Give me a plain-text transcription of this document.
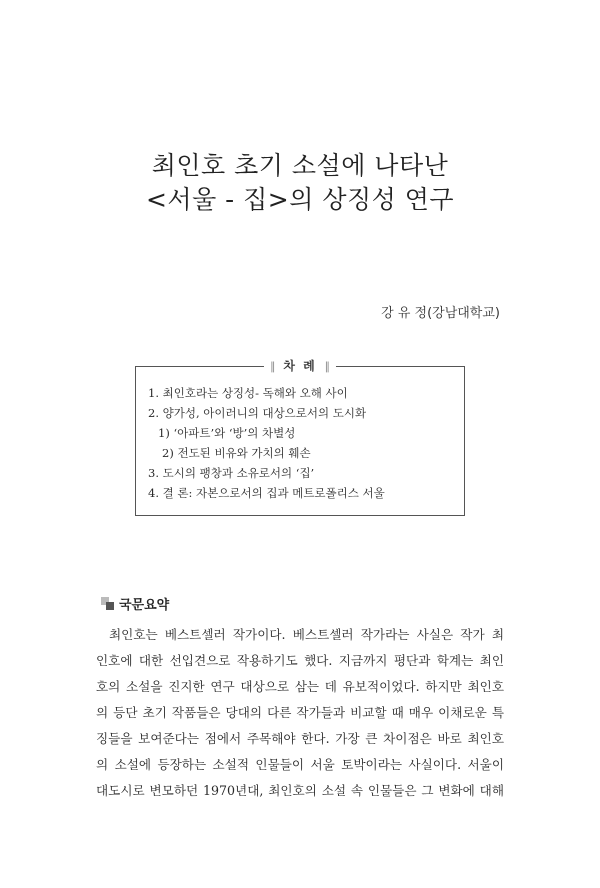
최인호 초기 소설에 나타난
<서울 - 집>의 상징성 연구
강 유 정(강남대학교)
∥ 차 례 ∥
1. 최인호라는 상징성- 독해와 오해 사이
2. 양가성, 아이러니의 대상으로서의 도시화
1) ‘아파트’와 ‘방’의 차별성
2) 전도된 비유와 가치의 훼손
3. 도시의 팽창과 소유로서의 ‘집’
4. 결 론: 자본으로서의 집과 메트로폴리스 서울
국문요약
최인호는 베스트셀러 작가이다. 베스트셀러 작가라는 사실은 작가 최
인호에 대한 선입견으로 작용하기도 했다. 지금까지 평단과 학계는 최인
호의 소설을 진지한 연구 대상으로 삼는 데 유보적이었다. 하지만 최인호
의 등단 초기 작품들은 당대의 다른 작가들과 비교할 때 매우 이채로운 특
징들을 보여준다는 점에서 주목해야 한다. 가장 큰 차이점은 바로 최인호
의 소설에 등장하는 소설적 인물들이 서울 토박이라는 사실이다. 서울이
대도시로 변모하던 1970년대, 최인호의 소설 속 인물들은 그 변화에 대해
